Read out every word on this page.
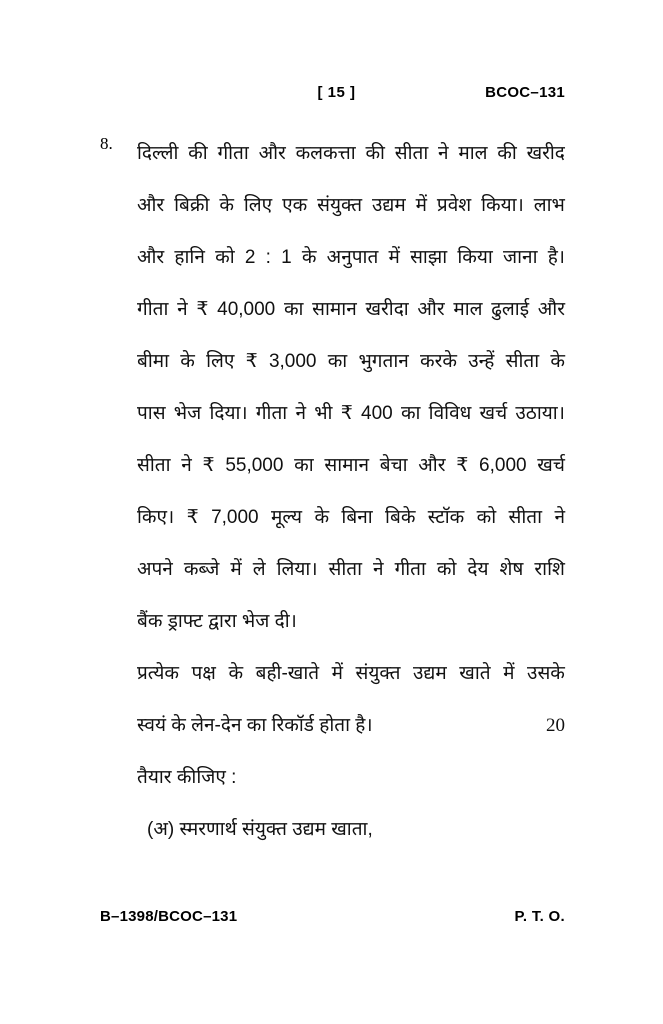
[ 15 ]	BCOC–131
8.	दिल्ली की गीता और कलकत्ता की सीता ने माल की खरीद
और बिक्री के लिए एक संयुक्त उद्यम में प्रवेश किया। लाभ
और हानि को 2 : 1 के अनुपात में साझा किया जाना है।
गीता ने ₹ 40,000 का सामान खरीदा और माल ढुलाई और
बीमा के लिए ₹ 3,000 का भुगतान करके उन्हें सीता के
पास भेज दिया। गीता ने भी ₹ 400 का विविध खर्च उठाया।
सीता ने ₹ 55,000 का सामान बेचा और ₹ 6,000 खर्च
किए। ₹ 7,000 मूल्य के बिना बिके स्टॉक को सीता ने
अपने कब्जे में ले लिया। सीता ने गीता को देय शेष राशि
बैंक ड्राफ्ट द्वारा भेज दी।
प्रत्येक पक्ष के बही-खाते में संयुक्त उद्यम खाते में उसके
स्वयं के लेन-देन का रिकॉर्ड होता है।	20
तैयार कीजिए :
(अ) स्मरणार्थ संयुक्त उद्यम खाता,
B–1398/BCOC–131	P. T. O.
